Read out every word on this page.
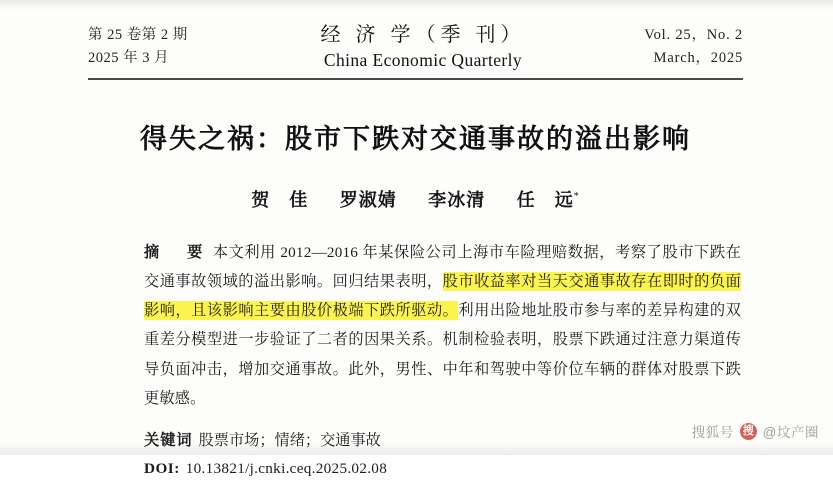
第 25 卷第 2 期
2025 年 3 月
经 济 学（季 刊）
China Economic Quarterly
Vol. 25，No. 2
March，2025
得失之祸：股市下跌对交通事故的溢出影响
贺　佳 罗淑婧 李冰清 任　远*
摘　要 本文利用 2012—2016 年某保险公司上海市车险理赔数据，考察了股市下跌在交通事故领域的溢出影响。回归结果表明，股市收益率对当天交通事故存在即时的负面影响，且该影响主要由股价极端下跌所驱动。利用出险地址股市参与率的差异构建的双重差分模型进一步验证了二者的因果关系。机制检验表明，股票下跌通过注意力渠道传导负面冲击，增加交通事故。此外，男性、中年和驾驶中等价位车辆的群体对股票下跌更敏感。
关键词 股票市场；情绪；交通事故
DOI: 10.13821/j.cnki.ceq.2025.02.08
搜狐号 搜 @坟产圈
